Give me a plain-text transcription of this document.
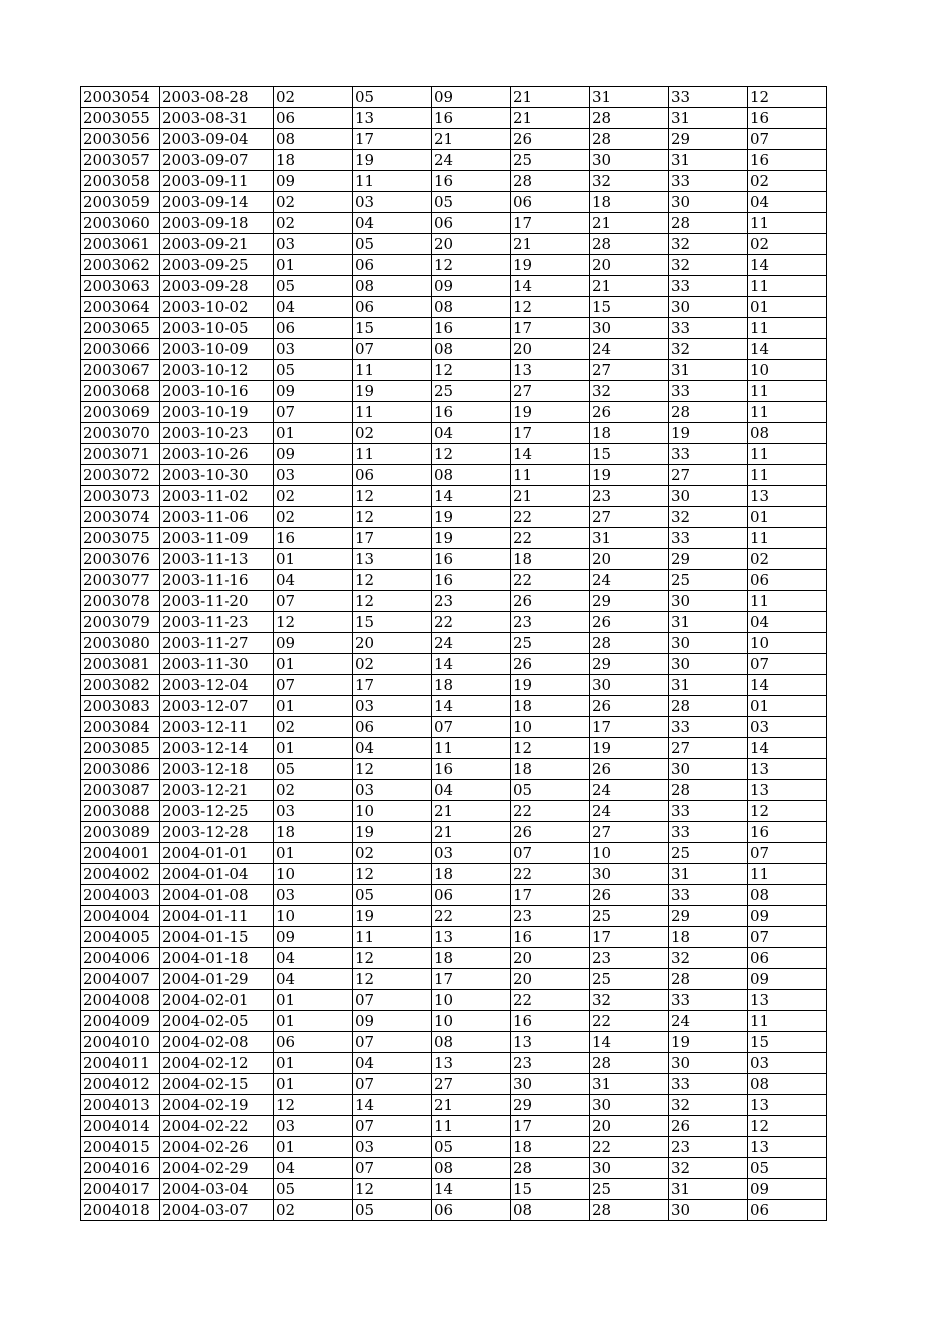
2003054	2003-08-28	02	05	09	21	31	33	12
2003055	2003-08-31	06	13	16	21	28	31	16
2003056	2003-09-04	08	17	21	26	28	29	07
2003057	2003-09-07	18	19	24	25	30	31	16
2003058	2003-09-11	09	11	16	28	32	33	02
2003059	2003-09-14	02	03	05	06	18	30	04
2003060	2003-09-18	02	04	06	17	21	28	11
2003061	2003-09-21	03	05	20	21	28	32	02
2003062	2003-09-25	01	06	12	19	20	32	14
2003063	2003-09-28	05	08	09	14	21	33	11
2003064	2003-10-02	04	06	08	12	15	30	01
2003065	2003-10-05	06	15	16	17	30	33	11
2003066	2003-10-09	03	07	08	20	24	32	14
2003067	2003-10-12	05	11	12	13	27	31	10
2003068	2003-10-16	09	19	25	27	32	33	11
2003069	2003-10-19	07	11	16	19	26	28	11
2003070	2003-10-23	01	02	04	17	18	19	08
2003071	2003-10-26	09	11	12	14	15	33	11
2003072	2003-10-30	03	06	08	11	19	27	11
2003073	2003-11-02	02	12	14	21	23	30	13
2003074	2003-11-06	02	12	19	22	27	32	01
2003075	2003-11-09	16	17	19	22	31	33	11
2003076	2003-11-13	01	13	16	18	20	29	02
2003077	2003-11-16	04	12	16	22	24	25	06
2003078	2003-11-20	07	12	23	26	29	30	11
2003079	2003-11-23	12	15	22	23	26	31	04
2003080	2003-11-27	09	20	24	25	28	30	10
2003081	2003-11-30	01	02	14	26	29	30	07
2003082	2003-12-04	07	17	18	19	30	31	14
2003083	2003-12-07	01	03	14	18	26	28	01
2003084	2003-12-11	02	06	07	10	17	33	03
2003085	2003-12-14	01	04	11	12	19	27	14
2003086	2003-12-18	05	12	16	18	26	30	13
2003087	2003-12-21	02	03	04	05	24	28	13
2003088	2003-12-25	03	10	21	22	24	33	12
2003089	2003-12-28	18	19	21	26	27	33	16
2004001	2004-01-01	01	02	03	07	10	25	07
2004002	2004-01-04	10	12	18	22	30	31	11
2004003	2004-01-08	03	05	06	17	26	33	08
2004004	2004-01-11	10	19	22	23	25	29	09
2004005	2004-01-15	09	11	13	16	17	18	07
2004006	2004-01-18	04	12	18	20	23	32	06
2004007	2004-01-29	04	12	17	20	25	28	09
2004008	2004-02-01	01	07	10	22	32	33	13
2004009	2004-02-05	01	09	10	16	22	24	11
2004010	2004-02-08	06	07	08	13	14	19	15
2004011	2004-02-12	01	04	13	23	28	30	03
2004012	2004-02-15	01	07	27	30	31	33	08
2004013	2004-02-19	12	14	21	29	30	32	13
2004014	2004-02-22	03	07	11	17	20	26	12
2004015	2004-02-26	01	03	05	18	22	23	13
2004016	2004-02-29	04	07	08	28	30	32	05
2004017	2004-03-04	05	12	14	15	25	31	09
2004018	2004-03-07	02	05	06	08	28	30	06
